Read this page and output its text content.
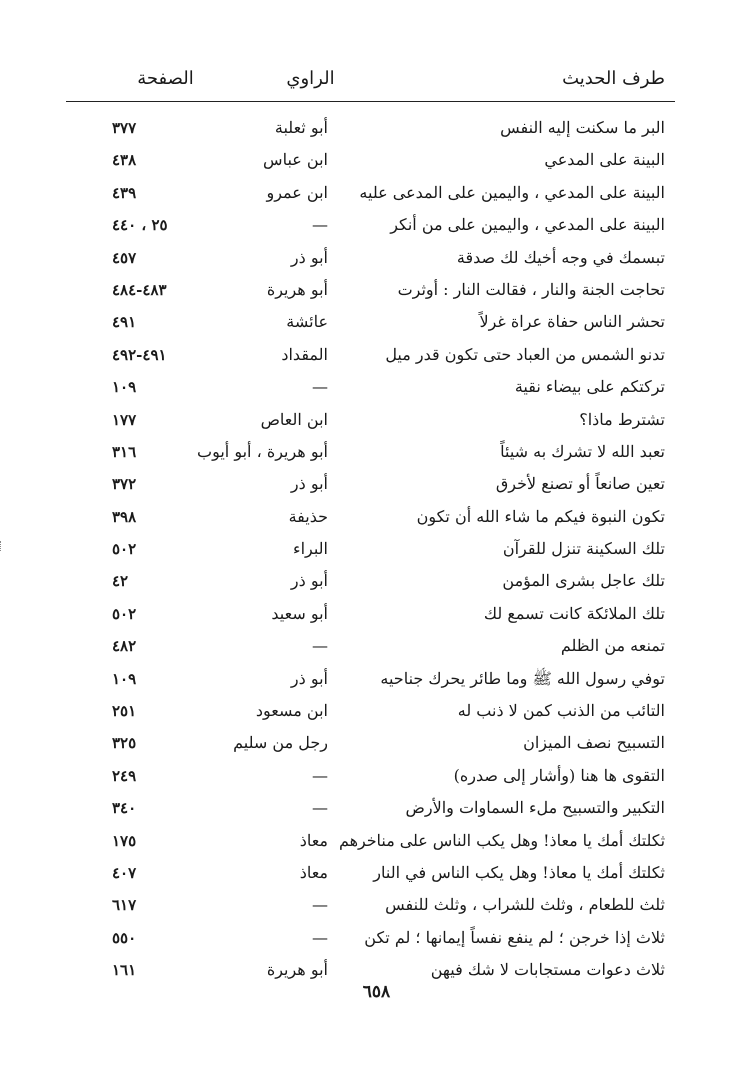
طرف الحديث
الراوي
الصفحة
البر ما سكنت إليه النفس
أبو ثعلبة
٣٧٧
البينة على المدعي
ابن عباس
٤٣٨
البينة على المدعي ، واليمين على المدعى عليه
ابن عمرو
٤٣٩
البينة على المدعي ، واليمين على من أنكر
—
٢٥ ، ٤٤٠
تبسمك في وجه أخيك لك صدقة
أبو ذر
٤٥٧
تحاجت الجنة والنار ، فقالت النار : أوثرت
أبو هريرة
٤٨٣-٤٨٤
تحشر الناس حفاة عراة غرلاً
عائشة
٤٩١
تدنو الشمس من العباد حتى تكون قدر ميل
المقداد
٤٩١-٤٩٢
تركتكم على بيضاء نقية
—
١٠٩
تشترط ماذا؟
ابن العاص
١٧٧
تعبد الله لا تشرك به شيئاً
أبو هريرة ، أبو أيوب
٣١٦
تعين صانعاً أو تصنع لأخرق
أبو ذر
٣٧٢
تكون النبوة فيكم ما شاء الله أن تكون
حذيفة
٣٩٨
تلك السكينة تنزل للقرآن
البراء
٥٠٢
تلك عاجل بشرى المؤمن
أبو ذر
٤٢
تلك الملائكة كانت تسمع لك
أبو سعيد
٥٠٢
تمنعه من الظلم
—
٤٨٢
توفي رسول الله ﷺ وما طائر يحرك جناحيه
أبو ذر
١٠٩
التائب من الذنب كمن لا ذنب له
ابن مسعود
٢٥١
التسبيح نصف الميزان
رجل من سليم
٣٢٥
التقوى ها هنا (وأشار إلى صدره)
—
٢٤٩
التكبير والتسبيح ملء السماوات والأرض
—
٣٤٠
ثكلتك أمك يا معاذ! وهل يكب الناس على مناخرهم
معاذ
١٧٥
ثكلتك أمك يا معاذ! وهل يكب الناس في النار
معاذ
٤٠٧
ثلث للطعام ، وثلث للشراب ، وثلث للنفس
—
٦١٧
ثلاث إذا خرجن ؛ لم ينفع نفساً إيمانها ؛ لم تكن
—
٥٥٠
ثلاث دعوات مستجابات لا شك فيهن
أبو هريرة
١٦١
٦٥٨
